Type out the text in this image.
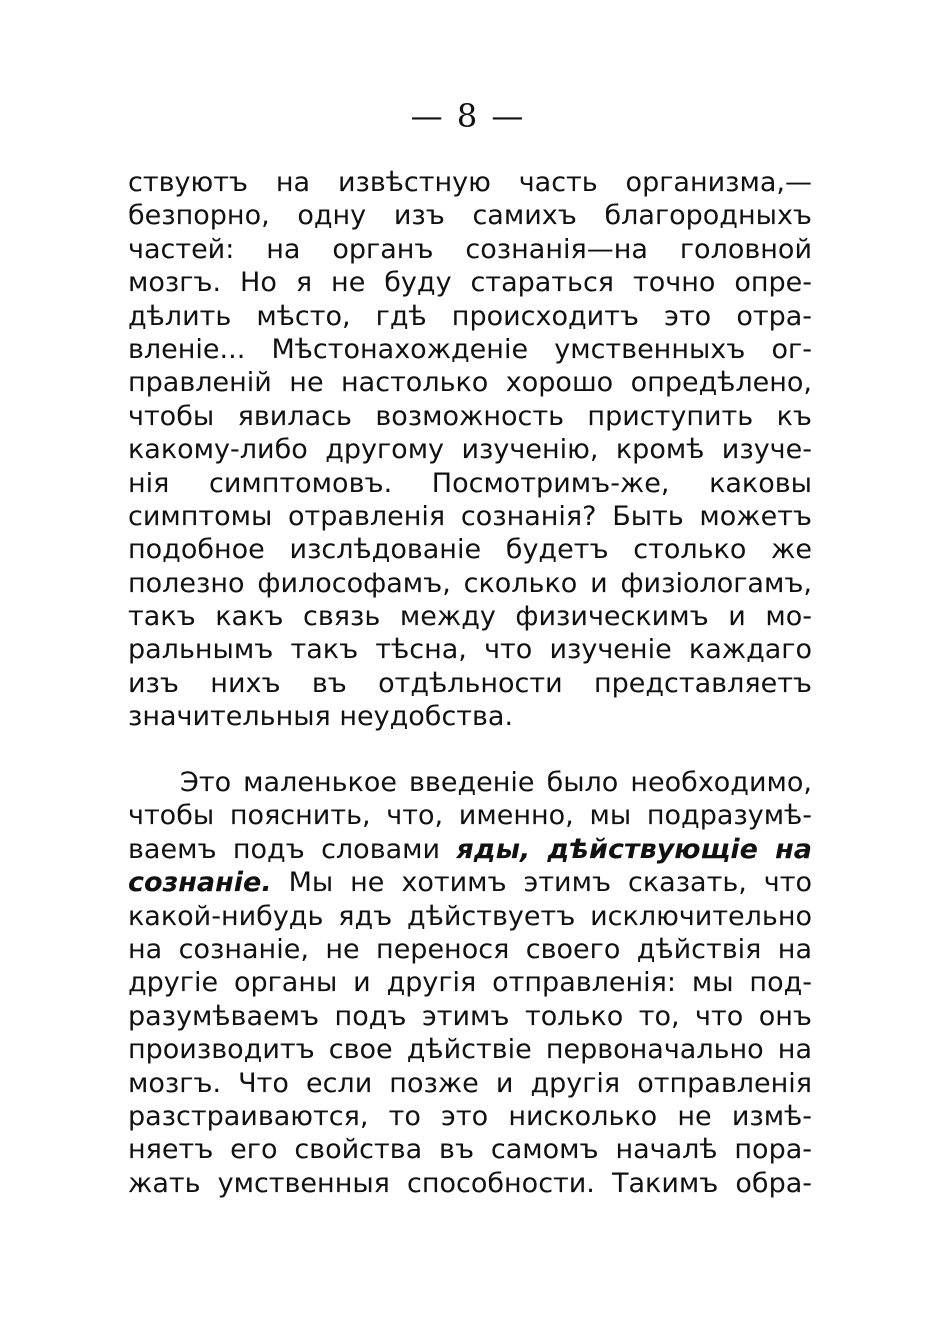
— 8 —
ствуютъ на извѣстную часть организма,—
безпорно, одну изъ самихъ благородныхъ
частей: на органъ сознанія—на головной
мозгъ. Но я не буду стараться точно опре-
дѣлить мѣсто, гдѣ происходитъ это отра-
вленіе... Мѣстонахожденіе умственныхъ ог-
правленій не настолько хорошо опредѣлено,
чтобы явилась возможность приступить къ
какому-либо другому изученію, кромѣ изуче-
нія симптомовъ. Посмотримъ-же, каковы
симптомы отравленія сознанія? Быть можетъ
подобное изслѣдованіе будетъ столько же
полезно философамъ, сколько и физіологамъ,
такъ какъ связь между физическимъ и мо-
ральнымъ такъ тѣсна, что изученіе каждаго
изъ нихъ въ отдѣльности представляетъ
значительныя неудобства.
Это маленькое введеніе было необходимо,
чтобы пояснить, что, именно, мы подразумѣ-
ваемъ подъ словами яды, дѣйствующіе на
сознаніе. Мы не хотимъ этимъ сказать, что
какой-нибудь ядъ дѣйствуетъ исключительно
на сознаніе, не перенося своего дѣйствія на
другіе органы и другія отправленія: мы под-
разумѣваемъ подъ этимъ только то, что онъ
производитъ свое дѣйствіе первоначально на
мозгъ. Что если позже и другія отправленія
разстраиваются, то это нисколько не измѣ-
няетъ его свойства въ самомъ началѣ пора-
жать умственныя способности. Такимъ обра-
